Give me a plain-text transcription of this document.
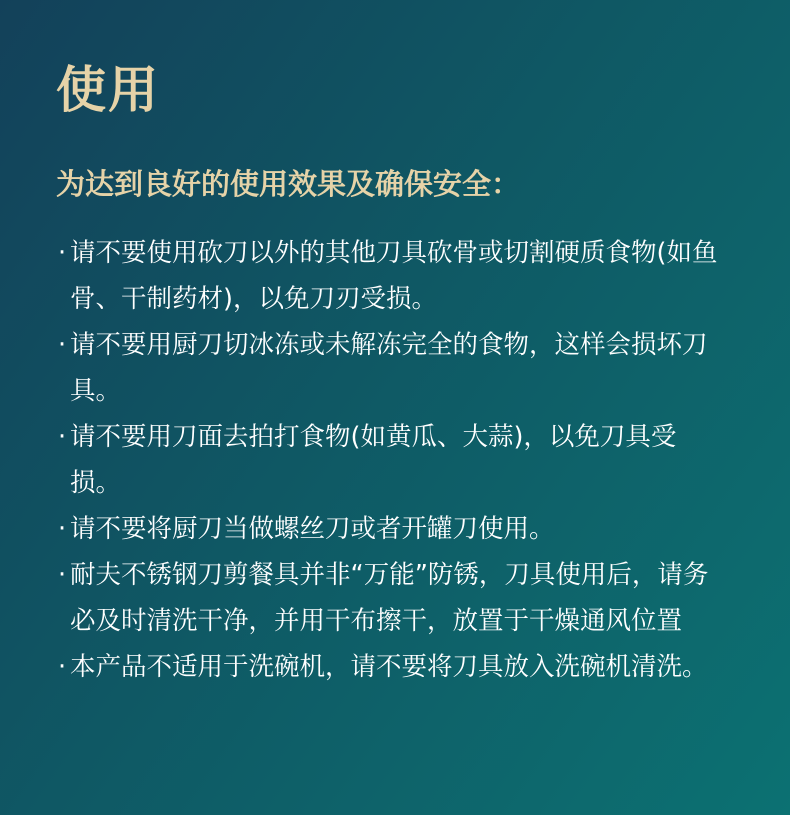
使用
为达到良好的使用效果及确保安全：
· 请不要使用砍刀以外的其他刀具砍骨或切割硬质食物(如鱼骨、干制药材)，以免刀刃受损。
· 请不要用厨刀切冰冻或未解冻完全的食物，这样会损坏刀具。
· 请不要用刀面去拍打食物(如黄瓜、大蒜)，以免刀具受损。
· 请不要将厨刀当做螺丝刀或者开罐刀使用。
· 耐夫不锈钢刀剪餐具并非“万能”防锈，刀具使用后，请务必及时清洗干净，并用干布擦干，放置于干燥通风位置
· 本产品不适用于洗碗机，请不要将刀具放入洗碗机清洗。
